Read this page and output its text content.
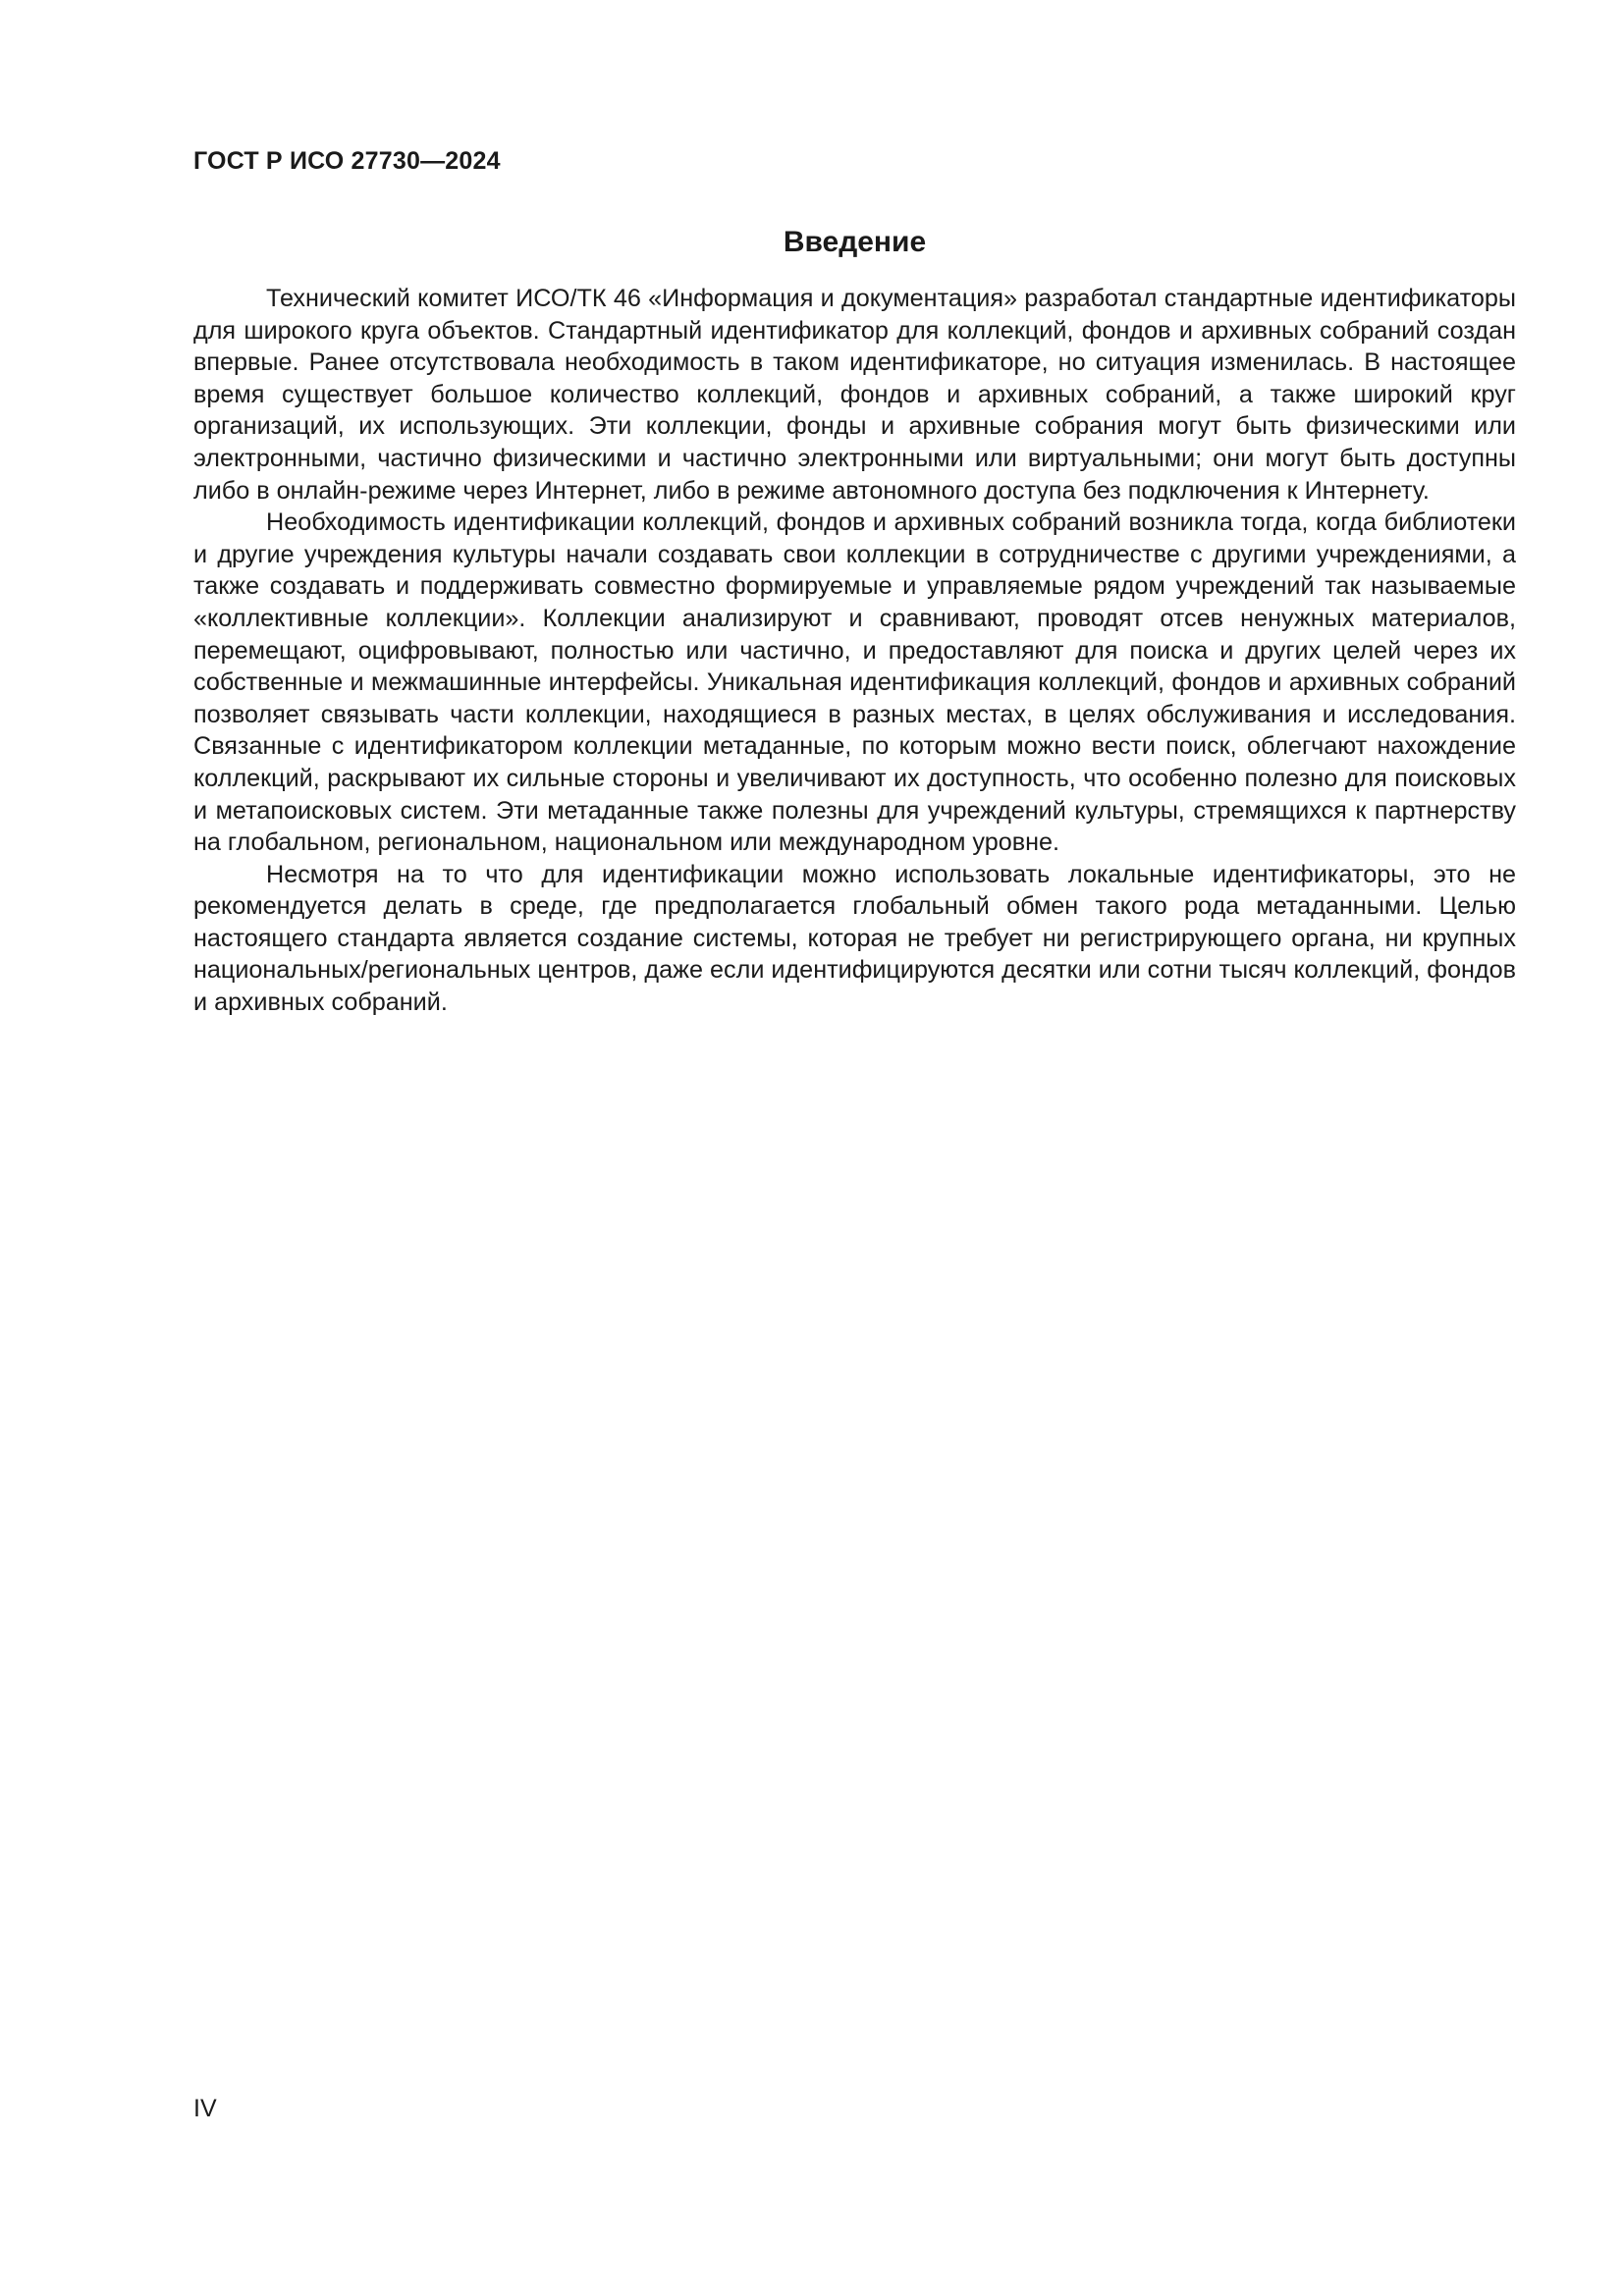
ГОСТ Р ИСО 27730—2024
Введение

Технический комитет ИСО/ТК 46 «Информация и документация» разработал стандартные идентификаторы для широкого круга объектов. Стандартный идентификатор для коллекций, фондов и архивных собраний создан впервые. Ранее отсутствовала необходимость в таком идентификаторе, но ситуация изменилась. В настоящее время существует большое количество коллекций, фондов и архивных собраний, а также широкий круг организаций, их использующих. Эти коллекции, фонды и архивные собрания могут быть физическими или электронными, частично физическими и частично электронными или виртуальными; они могут быть доступны либо в онлайн-режиме через Интернет, либо в режиме автономного доступа без подключения к Интернету.

Необходимость идентификации коллекций, фондов и архивных собраний возникла тогда, когда библиотеки и другие учреждения культуры начали создавать свои коллекции в сотрудничестве с другими учреждениями, а также создавать и поддерживать совместно формируемые и управляемые рядом учреждений так называемые «коллективные коллекции». Коллекции анализируют и сравнивают, проводят отсев ненужных материалов, перемещают, оцифровывают, полностью или частично, и предоставляют для поиска и других целей через их собственные и межмашинные интерфейсы. Уникальная идентификация коллекций, фондов и архивных собраний позволяет связывать части коллекции, находящиеся в разных местах, в целях обслуживания и исследования. Связанные с идентификатором коллекции метаданные, по которым можно вести поиск, облегчают нахождение коллекций, раскрывают их сильные стороны и увеличивают их доступность, что особенно полезно для поисковых и метапоисковых систем. Эти метаданные также полезны для учреждений культуры, стремящихся к партнерству на глобальном, региональном, национальном или международном уровне.

Несмотря на то что для идентификации можно использовать локальные идентификаторы, это не рекомендуется делать в среде, где предполагается глобальный обмен такого рода метаданными. Целью настоящего стандарта является создание системы, которая не требует ни регистрирующего органа, ни крупных национальных/региональных центров, даже если идентифицируются десятки или сотни тысяч коллекций, фондов и архивных собраний.

IV
